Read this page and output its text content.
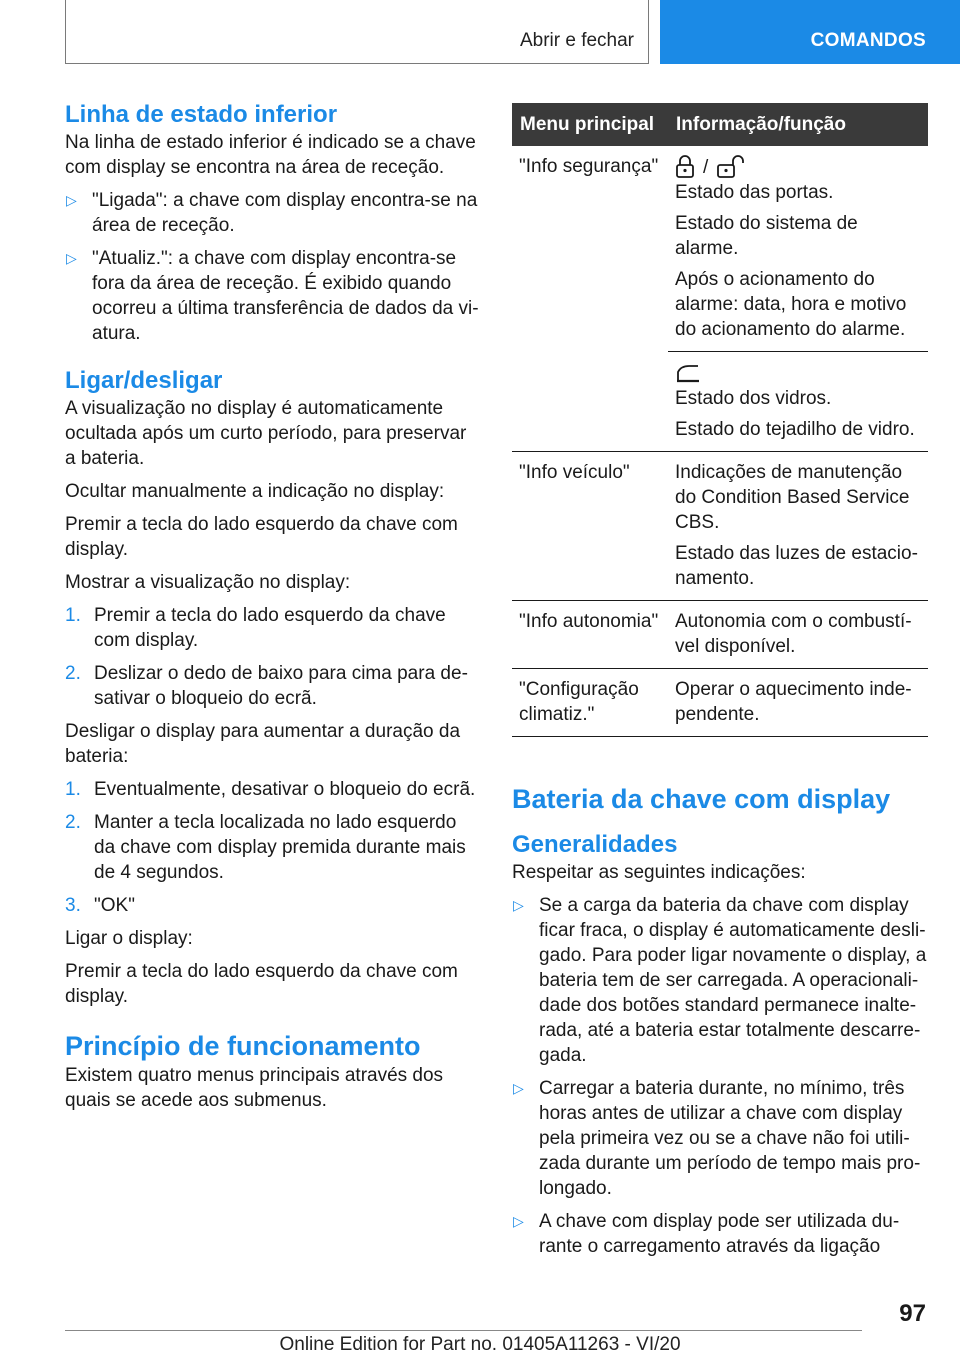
Abrir e fechar	COMANDOS
Linha de estado inferior

Na linha de estado inferior é indicado se a chave com display se encontra na área de receção.

▷ "Ligada": a chave com display encontra-se na área de receção.
▷ "Atualiz.": a chave com display encontra-se fora da área de receção. É exibido quando ocorreu a última transferência de dados da viatura.
Ligar/desligar

A visualização no display é automaticamente ocultada após um curto período, para preservar a bateria.

Ocultar manualmente a indicação no display:

Premir a tecla do lado esquerdo da chave com display.

Mostrar a visualização no display:

1. Premir a tecla do lado esquerdo da chave com display.
2. Deslizar o dedo de baixo para cima para desativar o bloqueio do ecrã.

Desligar o display para aumentar a duração da bateria:

1. Eventualmente, desativar o bloqueio do ecrã.
2. Manter a tecla localizada no lado esquerdo da chave com display premida durante mais de 4 segundos.
3. "OK"

Ligar o display:

Premir a tecla do lado esquerdo da chave com display.

Princípio de funcionamento

Existem quatro menus principais através dos quais se acede aos submenus.

Menu principal	Informação/função
"Info segurança"	/

Estado das portas.

Estado do sistema de alarme.

Após o acionamento do alarme: data, hora e motivo do acionamento do alarme.

	Estado dos vidros.

Estado do tejadilho de vidro.

"Info veículo"	Indicações de manutenção do Condition Based Service CBS.

Estado das luzes de estacionamento.

"Info autonomia"	Autonomia com o combustível disponível.

"Configuração climatiz."	Operar o aquecimento independente.

Bateria da chave com display
Generalidades

Respeitar as seguintes indicações:

▷ Se a carga da bateria da chave com display ficar fraca, o display é automaticamente desligado. Para poder ligar novamente o display, a bateria tem de ser carregada. A operacionalidade dos botões standard permanece inalterada, até a bateria estar totalmente descarregada.
▷ Carregar a bateria durante, no mínimo, três horas antes de utilizar a chave com display pela primeira vez ou se a chave não foi utilizada durante um período de tempo mais prolongado.
▷ A chave com display pode ser utilizada durante o carregamento através da ligação
97
Online Edition for Part no. 01405A11263 - VI/20
